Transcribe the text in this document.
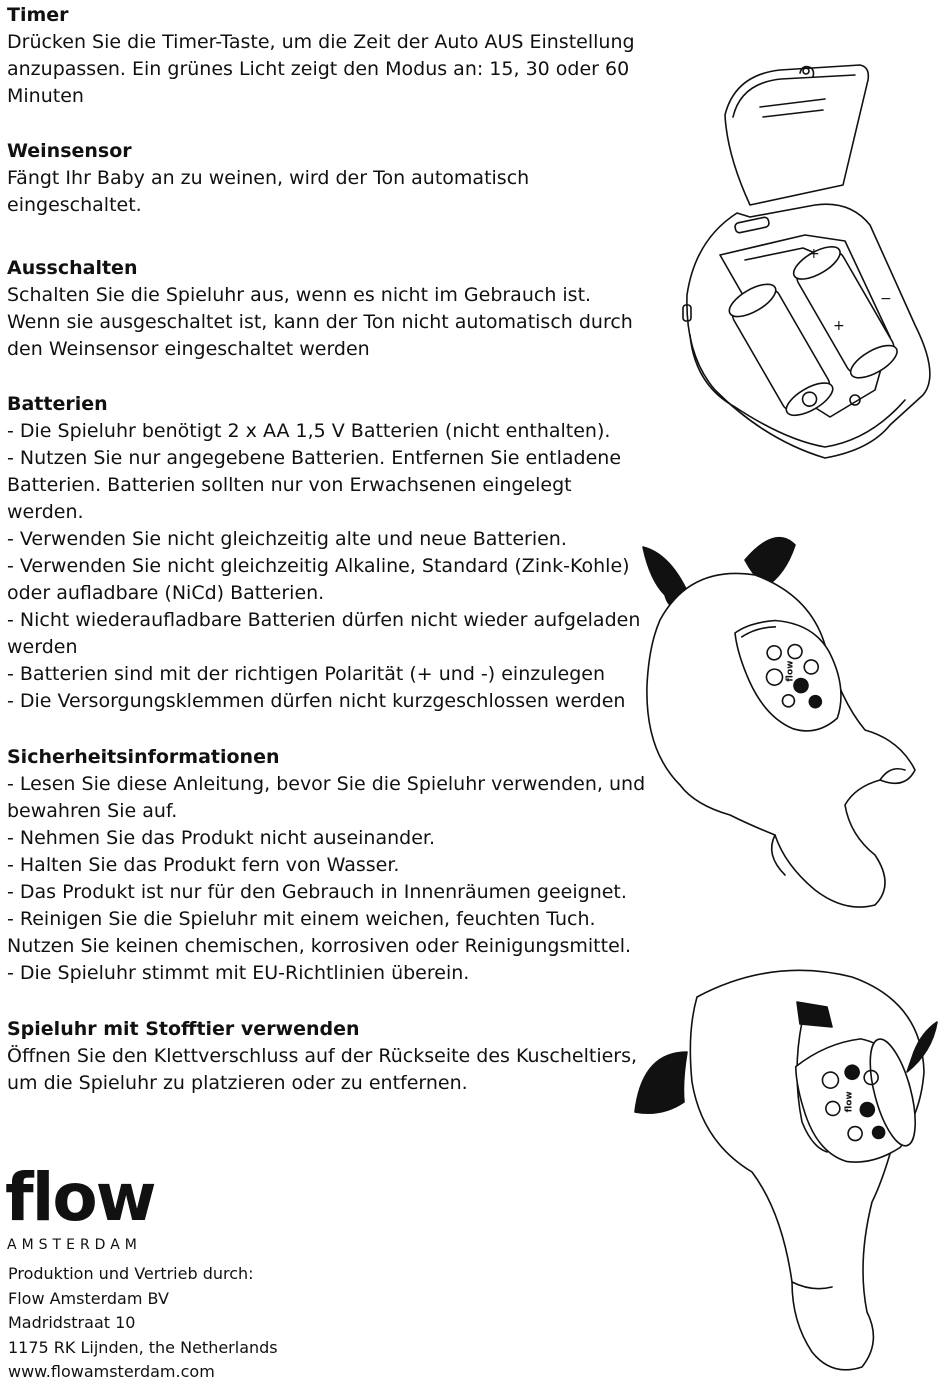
Timer

Drücken Sie die Timer-Taste, um die Zeit der Auto AUS Einstellung
anzupassen. Ein grünes Licht zeigt den Modus an: 15, 30 oder 60
Minuten

Weinsensor

Fängt Ihr Baby an zu weinen, wird der Ton automatisch
eingeschaltet.

Ausschalten

Schalten Sie die Spieluhr aus, wenn es nicht im Gebrauch ist.
Wenn sie ausgeschaltet ist, kann der Ton nicht automatisch durch
den Weinsensor eingeschaltet werden

Batterien

- Die Spieluhr benötigt 2 x AA 1,5 V Batterien (nicht enthalten).
- Nutzen Sie nur angegebene Batterien. Entfernen Sie entladene
Batterien. Batterien sollten nur von Erwachsenen eingelegt
werden.
- Verwenden Sie nicht gleichzeitig alte und neue Batterien.
- Verwenden Sie nicht gleichzeitig Alkaline, Standard (Zink-Kohle)
oder aufladbare (NiCd) Batterien.
- Nicht wiederaufladbare Batterien dürfen nicht wieder aufgeladen
werden
- Batterien sind mit der richtigen Polarität (+ und -) einzulegen
- Die Versorgungsklemmen dürfen nicht kurzgeschlossen werden

Sicherheitsinformationen

- Lesen Sie diese Anleitung, bevor Sie die Spieluhr verwenden, und
bewahren Sie auf.
- Nehmen Sie das Produkt nicht auseinander.
- Halten Sie das Produkt fern von Wasser.
- Das Produkt ist nur für den Gebrauch in Innenräumen geeignet.
- Reinigen Sie die Spieluhr mit einem weichen, feuchten Tuch.
Nutzen Sie keinen chemischen, korrosiven oder Reinigungsmittel.
- Die Spieluhr stimmt mit EU-Richtlinien überein.

Spieluhr mit Stofftier verwenden

Öffnen Sie den Klettverschluss auf der Rückseite des Kuscheltiers,
um die Spieluhr zu platzieren oder zu entfernen.

flow
AMSTERDAM
Produktion und Vertrieb durch:
Flow Amsterdam BV
Madridstraat 10
1175 RK Lijnden, the Netherlands
www.flowamsterdam.com
+
+
−
flow
flow
